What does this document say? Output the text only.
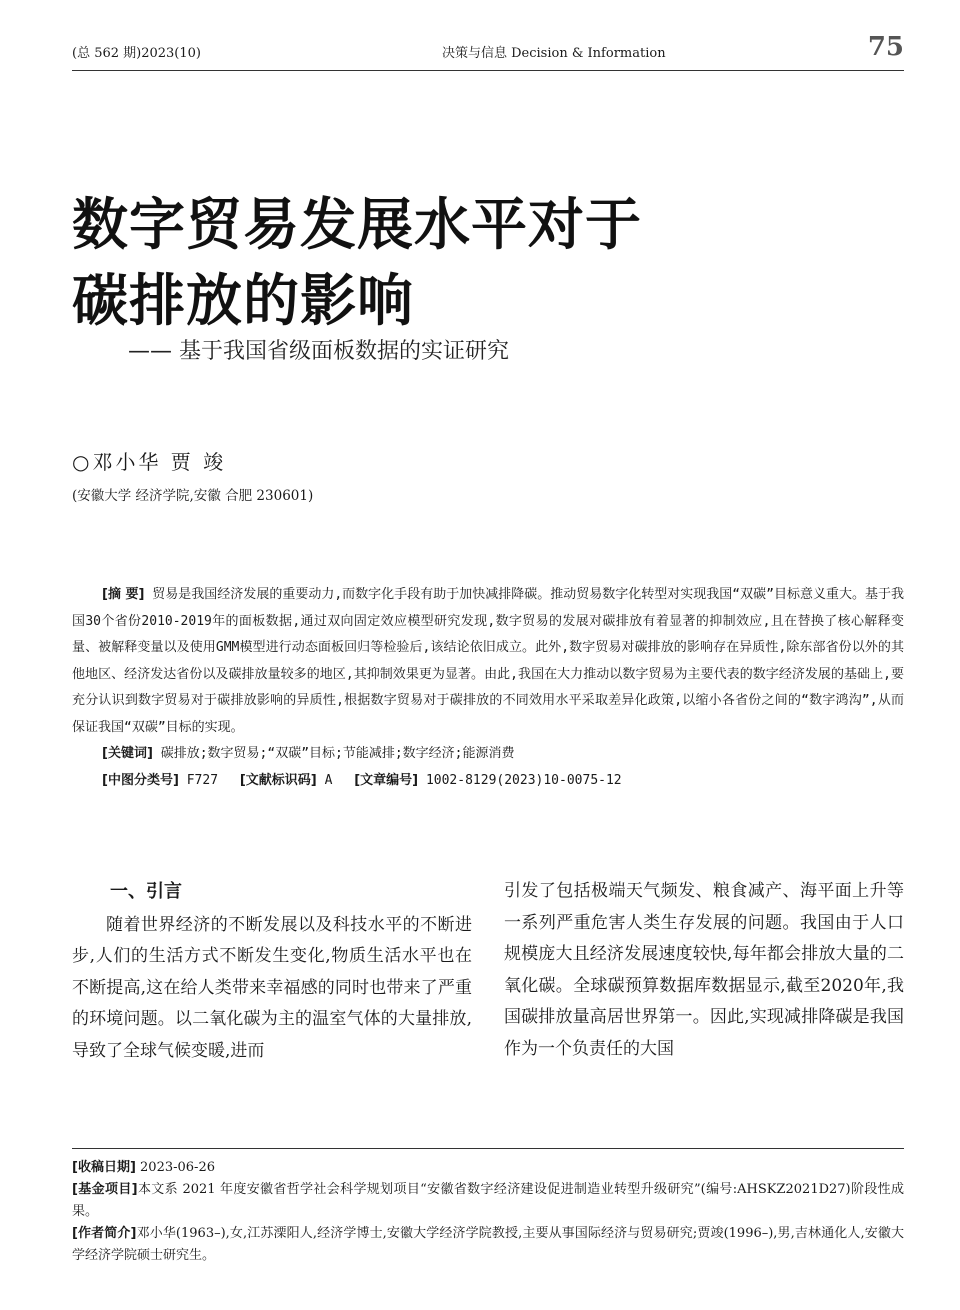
(总 562 期)2023(10)	决策与信息 Decision & Information	75
数字贸易发展水平对于
碳排放的影响
—— 基于我国省级面板数据的实证研究
○邓小华 贾 竣
(安徽大学 经济学院,安徽 合肥 230601)

[摘 要] 贸易是我国经济发展的重要动力,而数字化手段有助于加快减排降碳。推动贸易数字化转型对实现我国“双碳”目标意义重大。基于我国30个省份2010-2019年的面板数据,通过双向固定效应模型研究发现,数字贸易的发展对碳排放有着显著的抑制效应,且在替换了核心解释变量、被解释变量以及使用GMM模型进行动态面板回归等检验后,该结论依旧成立。此外,数字贸易对碳排放的影响存在异质性,除东部省份以外的其他地区、经济发达省份以及碳排放量较多的地区,其抑制效果更为显著。由此,我国在大力推动以数字贸易为主要代表的数字经济发展的基础上,要充分认识到数字贸易对于碳排放影响的异质性,根据数字贸易对于碳排放的不同效用水平采取差异化政策,以缩小各省份之间的“数字鸿沟”,从而保证我国“双碳”目标的实现。

[关键词] 碳排放;数字贸易;“双碳”目标;节能减排;数字经济;能源消费

[中图分类号] F727 [文献标识码] A [文章编号] 1002-8129(2023)10-0075-12

一、引言

随着世界经济的不断发展以及科技水平的不断进步,人们的生活方式不断发生变化,物质生活水平也在不断提高,这在给人类带来幸福感的同时也带来了严重的环境问题。以二氧化碳为主的温室气体的大量排放,导致了全球气候变暖,进而

引发了包括极端天气频发、粮食减产、海平面上升等一系列严重危害人类生存发展的问题。我国由于人口规模庞大且经济发展速度较快,每年都会排放大量的二氧化碳。全球碳预算数据库数据显示,截至2020年,我国碳排放量高居世界第一。因此,实现减排降碳是我国作为一个负责任的大国

[收稿日期] 2023-06-26

[基金项目]本文系 2021 年度安徽省哲学社会科学规划项目“安徽省数字经济建设促进制造业转型升级研究”(编号:AHSKZ2021D27)阶段性成果。

[作者简介]邓小华(1963–),女,江苏溧阳人,经济学博士,安徽大学经济学院教授,主要从事国际经济与贸易研究;贾竣(1996–),男,吉林通化人,安徽大学经济学院硕士研究生。
